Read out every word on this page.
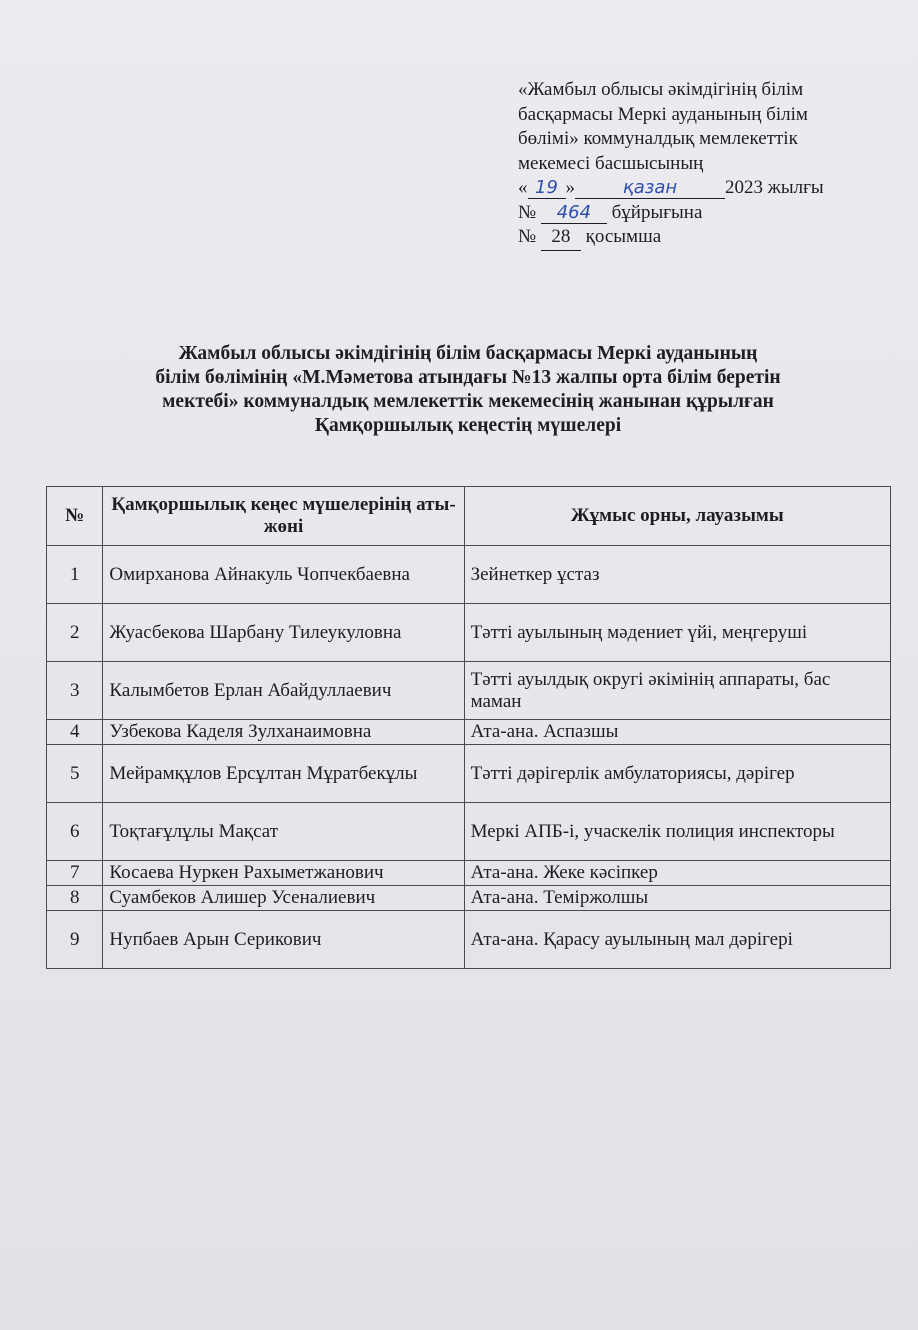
«Жамбыл облысы әкімдігінің білім
басқармасы Меркі ауданының білім
бөлімі» коммуналдық мемлекеттік
мекемесі басшысының
« 19 »	қазан	2023 жылғы
№ 464 бұйрығына
№ 28 қосымша
Жамбыл облысы әкімдігінің білім басқармасы Меркі ауданының
білім бөлімінің «М.Мәметова атындағы №13 жалпы орта білім беретін
мектебі» коммуналдық мемлекеттік мекемесінің жанынан құрылған
Қамқоршылық кеңестің мүшелері
№	Қамқоршылық кеңес мүшелерінің аты-жөні	Жұмыс орны, лауазымы
1	Омирханова Айнакуль Чопчекбаевна	Зейнеткер ұстаз
2	Жуасбекова Шарбану Тилеукуловна	Тәтті ауылының мәдениет үйі, меңгеруші
3	Калымбетов Ерлан Абайдуллаевич	Тәтті ауылдық округі әкімінің аппараты, бас маман
4	Узбекова Каделя Зулханаимовна	Ата-ана. Аспазшы
5	Мейрамқұлов Ерсұлтан Мұратбекұлы	Тәтті дәрігерлік амбулаториясы, дәрігер
6	Тоқтағұлұлы Мақсат	Меркі АПБ-і, учаскелік полиция инспекторы
7	Косаева Нуркен Рахыметжанович	Ата-ана. Жеке кәсіпкер
8	Суамбеков Алишер Усеналиевич	Ата-ана. Теміржолшы
9	Нупбаев Арын Серикович	Ата-ана. Қарасу ауылының мал дәрігері
